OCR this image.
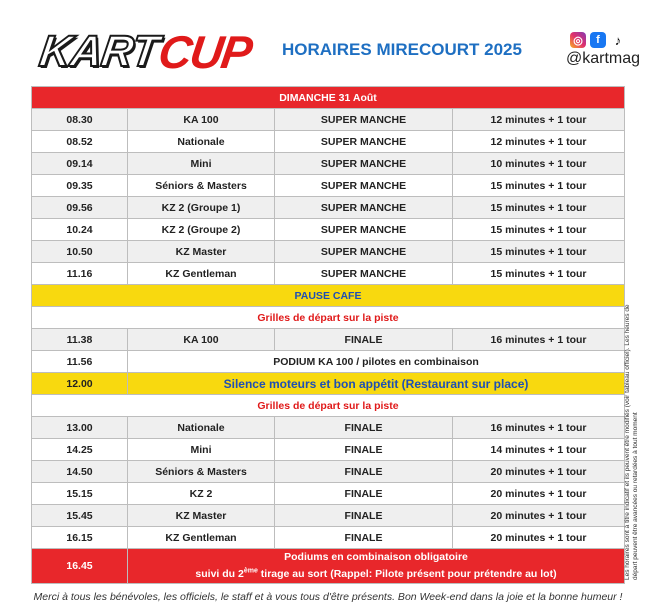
KART
CUP HORAIRES MIRECOURT 2025	◎	f	♪
@kartmag
DIMANCHE 31 Août			
08.30	KA 100	SUPER MANCHE	12 minutes + 1 tour
08.52	Nationale	SUPER MANCHE	12 minutes + 1 tour
09.14	Mini	SUPER MANCHE	10 minutes + 1 tour
09.35	Séniors & Masters	SUPER MANCHE	15 minutes + 1 tour
09.56	KZ 2 (Groupe 1)	SUPER MANCHE	15 minutes + 1 tour
10.24	KZ 2 (Groupe 2)	SUPER MANCHE	15 minutes + 1 tour
10.50	KZ Master	SUPER MANCHE	15 minutes + 1 tour
11.16	KZ Gentleman	SUPER MANCHE	15 minutes + 1 tour
PAUSE CAFE			
Grilles de départ sur la piste			
11.38	KA 100	FINALE	16 minutes + 1 tour
11.56	PODIUM KA 100 / pilotes en combinaison		
12.00	Silence moteurs et bon appétit (Restaurant sur place)		
Grilles de départ sur la piste			
13.00	Nationale	FINALE	16 minutes + 1 tour
14.25	Mini	FINALE	14 minutes + 1 tour
14.50	Séniors & Masters	FINALE	20 minutes + 1 tour
15.15	KZ 2	FINALE	20 minutes + 1 tour
15.45	KZ Master	FINALE	20 minutes + 1 tour
16.15	KZ Gentleman	FINALE	20 minutes + 1 tour
16.45	Podiums en combinaison obligatoire
suivi du 2ème tirage au sort (Rappel: Pilote présent pour prétendre au lot)			Les horaires sont à titre indicatif et ils peuvent être modifiés (voir tableau officiel). Les heures de départ peuvent être avancées ou retardées à tout moment
Merci à tous les bénévoles, les officiels, le staff et à vous tous d'être présents. Bon Week-end dans la joie et la bonne humeur !
